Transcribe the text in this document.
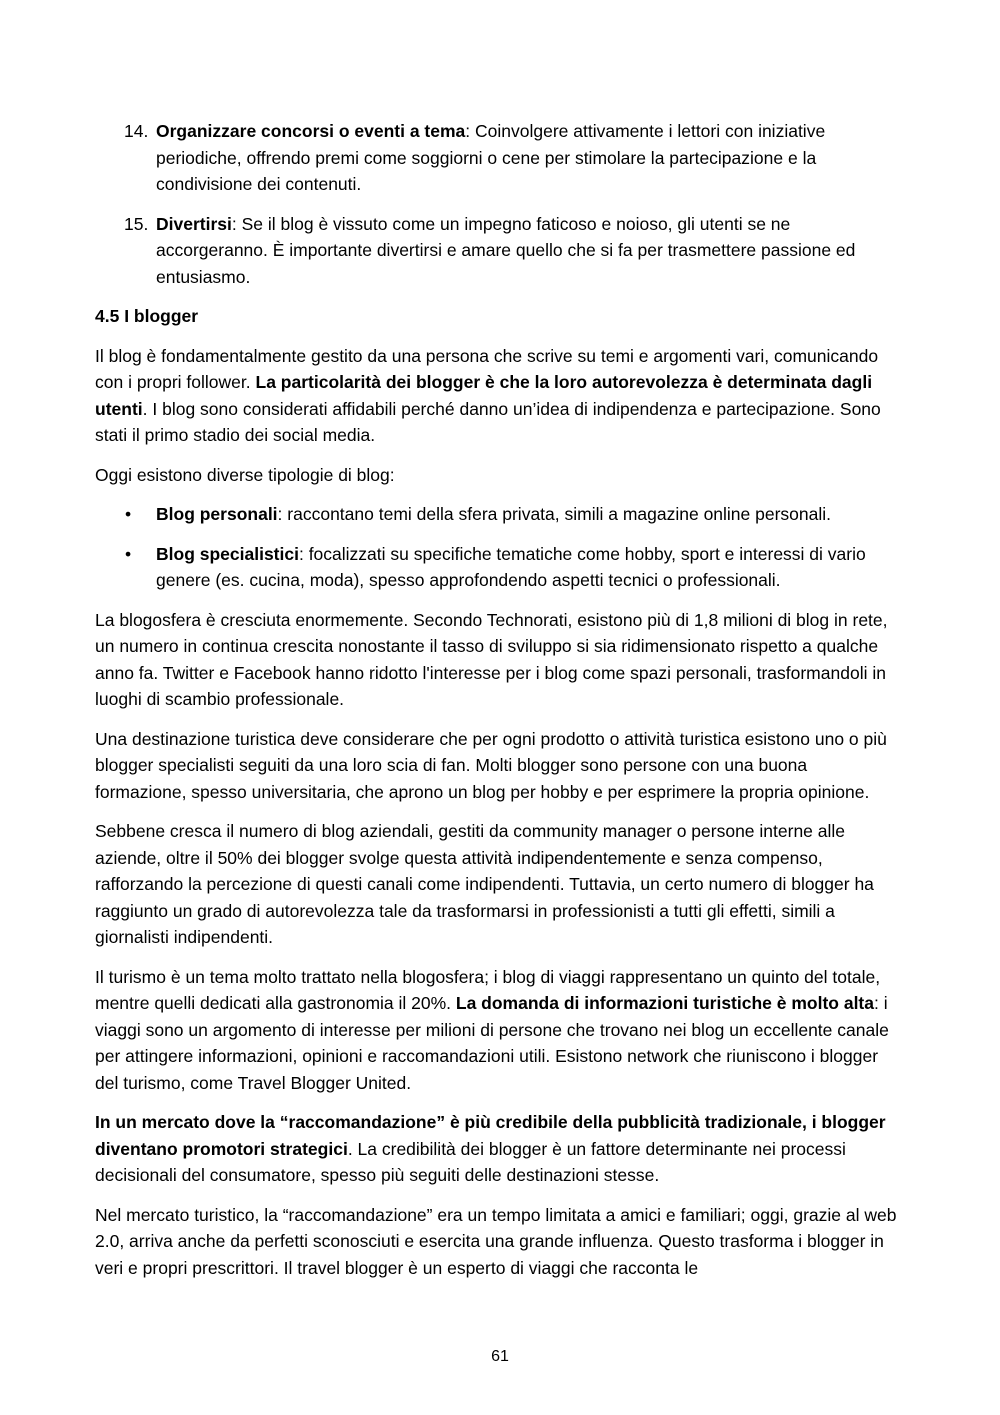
14. Organizzare concorsi o eventi a tema: Coinvolgere attivamente i lettori con iniziative periodiche, offrendo premi come soggiorni o cene per stimolare la partecipazione e la condivisione dei contenuti.
15. Divertirsi: Se il blog è vissuto come un impegno faticoso e noioso, gli utenti se ne accorgeranno. È importante divertirsi e amare quello che si fa per trasmettere passione ed entusiasmo.
4.5 I blogger

Il blog è fondamentalmente gestito da una persona che scrive su temi e argomenti vari, comunicando con i propri follower. La particolarità dei blogger è che la loro autorevolezza è determinata dagli utenti. I blog sono considerati affidabili perché danno un’idea di indipendenza e partecipazione. Sono stati il primo stadio dei social media.

Oggi esistono diverse tipologie di blog:

• Blog personali: raccontano temi della sfera privata, simili a magazine online personali.
• Blog specialistici: focalizzati su specifiche tematiche come hobby, sport e interessi di vario genere (es. cucina, moda), spesso approfondendo aspetti tecnici o professionali.

La blogosfera è cresciuta enormemente. Secondo Technorati, esistono più di 1,8 milioni di blog in rete, un numero in continua crescita nonostante il tasso di sviluppo si sia ridimensionato rispetto a qualche anno fa. Twitter e Facebook hanno ridotto l'interesse per i blog come spazi personali, trasformandoli in luoghi di scambio professionale.

Una destinazione turistica deve considerare che per ogni prodotto o attività turistica esistono uno o più blogger specialisti seguiti da una loro scia di fan. Molti blogger sono persone con una buona formazione, spesso universitaria, che aprono un blog per hobby e per esprimere la propria opinione.

Sebbene cresca il numero di blog aziendali, gestiti da community manager o persone interne alle aziende, oltre il 50% dei blogger svolge questa attività indipendentemente e senza compenso, rafforzando la percezione di questi canali come indipendenti. Tuttavia, un certo numero di blogger ha raggiunto un grado di autorevolezza tale da trasformarsi in professionisti a tutti gli effetti, simili a giornalisti indipendenti.

Il turismo è un tema molto trattato nella blogosfera; i blog di viaggi rappresentano un quinto del totale, mentre quelli dedicati alla gastronomia il 20%. La domanda di informazioni turistiche è molto alta: i viaggi sono un argomento di interesse per milioni di persone che trovano nei blog un eccellente canale per attingere informazioni, opinioni e raccomandazioni utili. Esistono network che riuniscono i blogger del turismo, come Travel Blogger United.

In un mercato dove la “raccomandazione” è più credibile della pubblicità tradizionale, i blogger diventano promotori strategici. La credibilità dei blogger è un fattore determinante nei processi decisionali del consumatore, spesso più seguiti delle destinazioni stesse.

Nel mercato turistico, la “raccomandazione” era un tempo limitata a amici e familiari; oggi, grazie al web 2.0, arriva anche da perfetti sconosciuti e esercita una grande influenza. Questo trasforma i blogger in veri e propri prescrittori. Il travel blogger è un esperto di viaggi che racconta le

61
